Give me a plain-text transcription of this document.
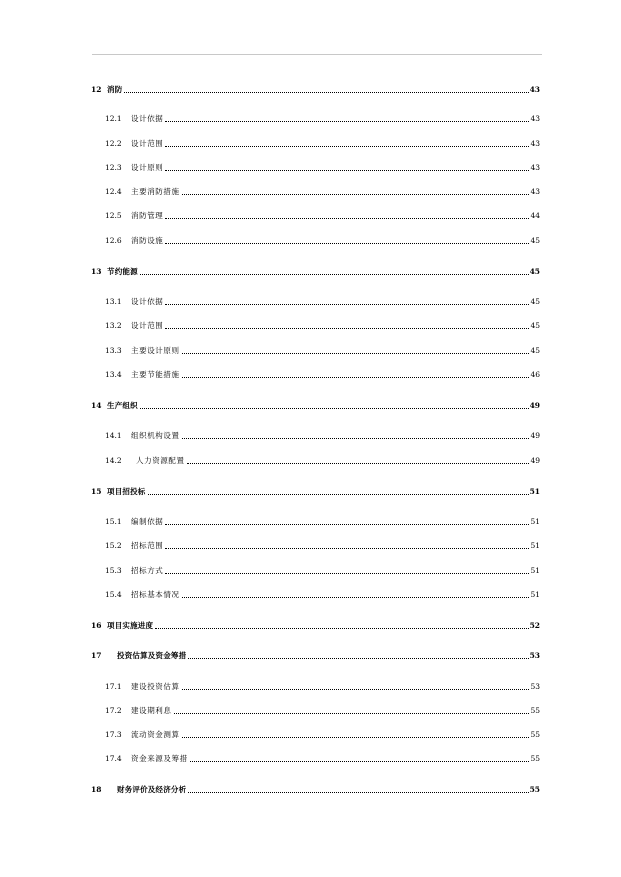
12 消防	43
12.1	设计依据	43
12.2	设计范围	43
12.3	设计原则	43
12.4	主要消防措施	43
12.5	消防管理	44
12.6	消防设施	45
13 节约能源	45
13.1	设计依据	45
13.2	设计范围	45
13.3	主要设计原则	45
13.4	主要节能措施	46
14 生产组织	49
14.1	组织机构设置	49
14.2	人力资源配置	49
15 项目招投标	51
15.1	编制依据	51
15.2	招标范围	51
15.3	招标方式	51
15.4	招标基本情况	51
16 项目实施进度	52
17	投资估算及资金筹措	53
17.1	建设投资估算	53
17.2	建设期利息	55
17.3	流动资金测算	55
17.4	资金来源及筹措	55
18	财务评价及经济分析	55
